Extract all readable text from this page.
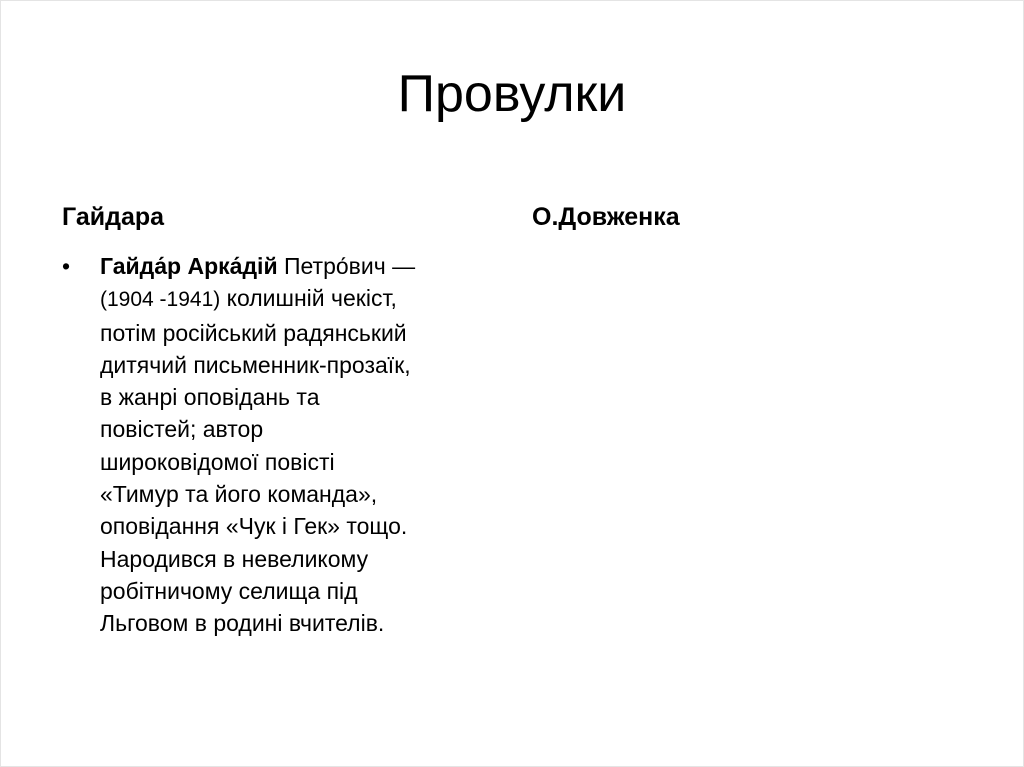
Провулки
Гайдара	О.Довженка
• Гайда́р Арка́дій Петро́вич —
(1904 -1941) колишній чекіст,
потім російський радянський
дитячий письменник-прозаїк,
в жанрі оповідань та
повістей; автор
широковідомої повісті
«Тимур та його команда»,
оповідання «Чук і Гек» тощо.
Народився в невеликому
робітничому селища під
Льговом в родині вчителів.
